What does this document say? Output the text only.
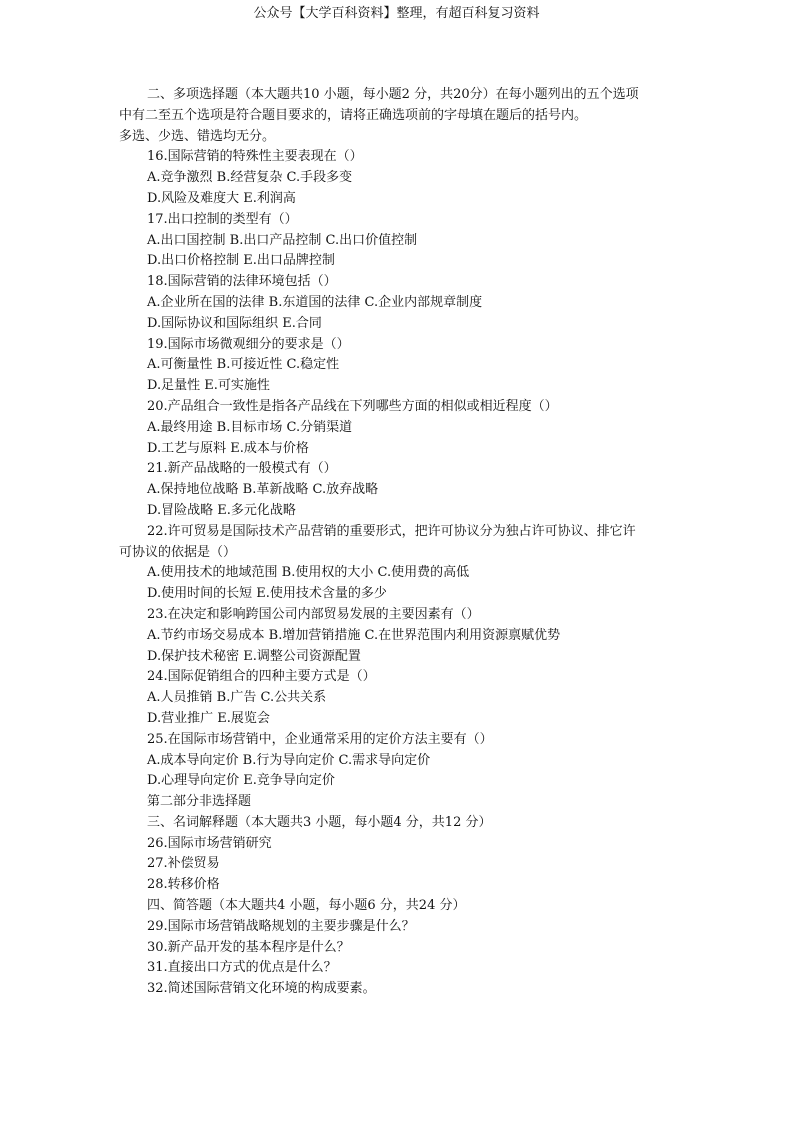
公众号【大学百科资料】整理，有超百科复习资料
二、多项选择题（本大题共10 小题，每小题2 分，共20分）在每小题列出的五个选项
中有二至五个选项是符合题目要求的，请将正确选项前的字母填在题后的括号内。
多选、少选、错选均无分。
16.国际营销的特殊性主要表现在（）
A.竞争激烈 B.经营复杂 C.手段多变
D.风险及难度大 E.利润高
17.出口控制的类型有（）
A.出口国控制 B.出口产品控制 C.出口价值控制
D.出口价格控制 E.出口品牌控制
18.国际营销的法律环境包括（）
A.企业所在国的法律 B.东道国的法律 C.企业内部规章制度
D.国际协议和国际组织 E.合同
19.国际市场微观细分的要求是（）
A.可衡量性 B.可接近性 C.稳定性
D.足量性 E.可实施性
20.产品组合一致性是指各产品线在下列哪些方面的相似或相近程度（）
A.最终用途 B.目标市场 C.分销渠道
D.工艺与原料 E.成本与价格
21.新产品战略的一般模式有（）
A.保持地位战略 B.革新战略 C.放弃战略
D.冒险战略 E.多元化战略
22.许可贸易是国际技术产品营销的重要形式，把许可协议分为独占许可协议、排它许
可协议的依据是（）
A.使用技术的地域范围 B.使用权的大小 C.使用费的高低
D.使用时间的长短 E.使用技术含量的多少
23.在决定和影响跨国公司内部贸易发展的主要因素有（）
A.节约市场交易成本 B.增加营销措施 C.在世界范围内利用资源禀赋优势
D.保护技术秘密 E.调整公司资源配置
24.国际促销组合的四种主要方式是（）
A.人员推销 B.广告 C.公共关系
D.营业推广 E.展览会
25.在国际市场营销中，企业通常采用的定价方法主要有（）
A.成本导向定价 B.行为导向定价 C.需求导向定价
D.心理导向定价 E.竞争导向定价
第二部分非选择题
三、名词解释题（本大题共3 小题，每小题4 分，共12 分）
26.国际市场营销研究
27.补偿贸易
28.转移价格
四、简答题（本大题共4 小题，每小题6 分，共24 分）
29.国际市场营销战略规划的主要步骤是什么？
30.新产品开发的基本程序是什么？
31.直接出口方式的优点是什么？
32.简述国际营销文化环境的构成要素。
